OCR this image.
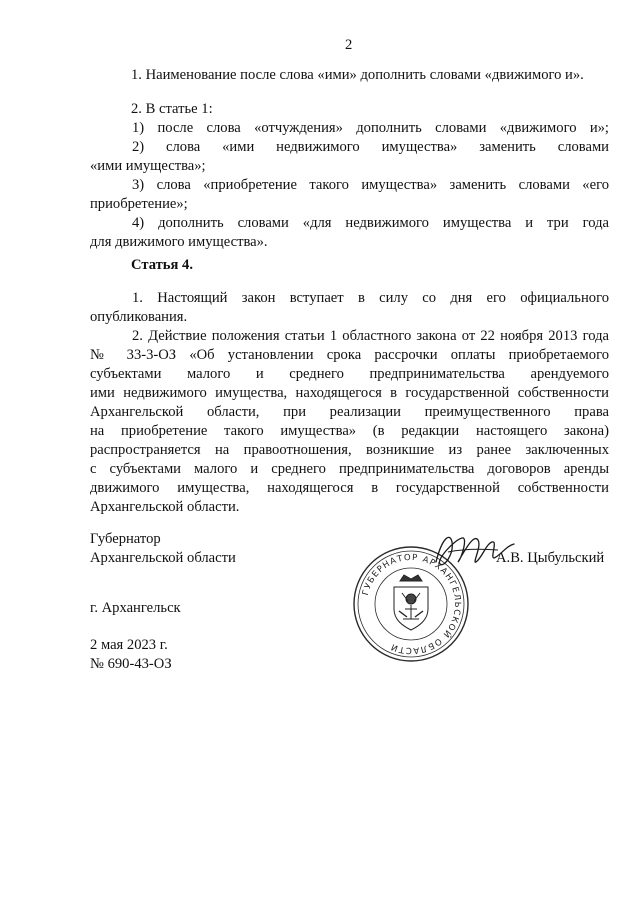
2

1. Наименование после слова «ими» дополнить словами «движимого и».

2. В статье 1:

1) после слова «отчуждения» дополнить словами «движимого и»;
2)   слова   «ими   недвижимого   имущества»   заменить   словами
«ими имущества»;
3) слова «приобретение такого имущества» заменить словами «его
приобретение»;
4) дополнить словами «для недвижимого имущества и три года
для движимого имущества».

Статья 4.

1. Настоящий закон вступает в силу со дня его официального
опубликования.
2. Действие положения статьи 1 областного закона от 22 ноября 2013 года
№ 33-3-ОЗ «Об установлении срока рассрочки оплаты приобретаемого
субъектами малого и среднего предпринимательства арендуемого
ими недвижимого имущества, находящегося в государственной собственности
Архангельской области, при реализации преимущественного права
на приобретение такого имущества» (в редакции настоящего закона)
распространяется на правоотношения, возникшие из ранее заключенных
с субъектами малого и среднего предпринимательства договоров аренды
движимого имущества, находящегося в государственной собственности
Архангельской области.

Губернатор

Архангельской области	А.В. Цыбульский

ГУБЕРНАТОР АРХАНГЕЛЬСКОЙ ОБЛАСТИ

г. Архангельск

2 мая 2023 г.

№ 690-43-ОЗ
